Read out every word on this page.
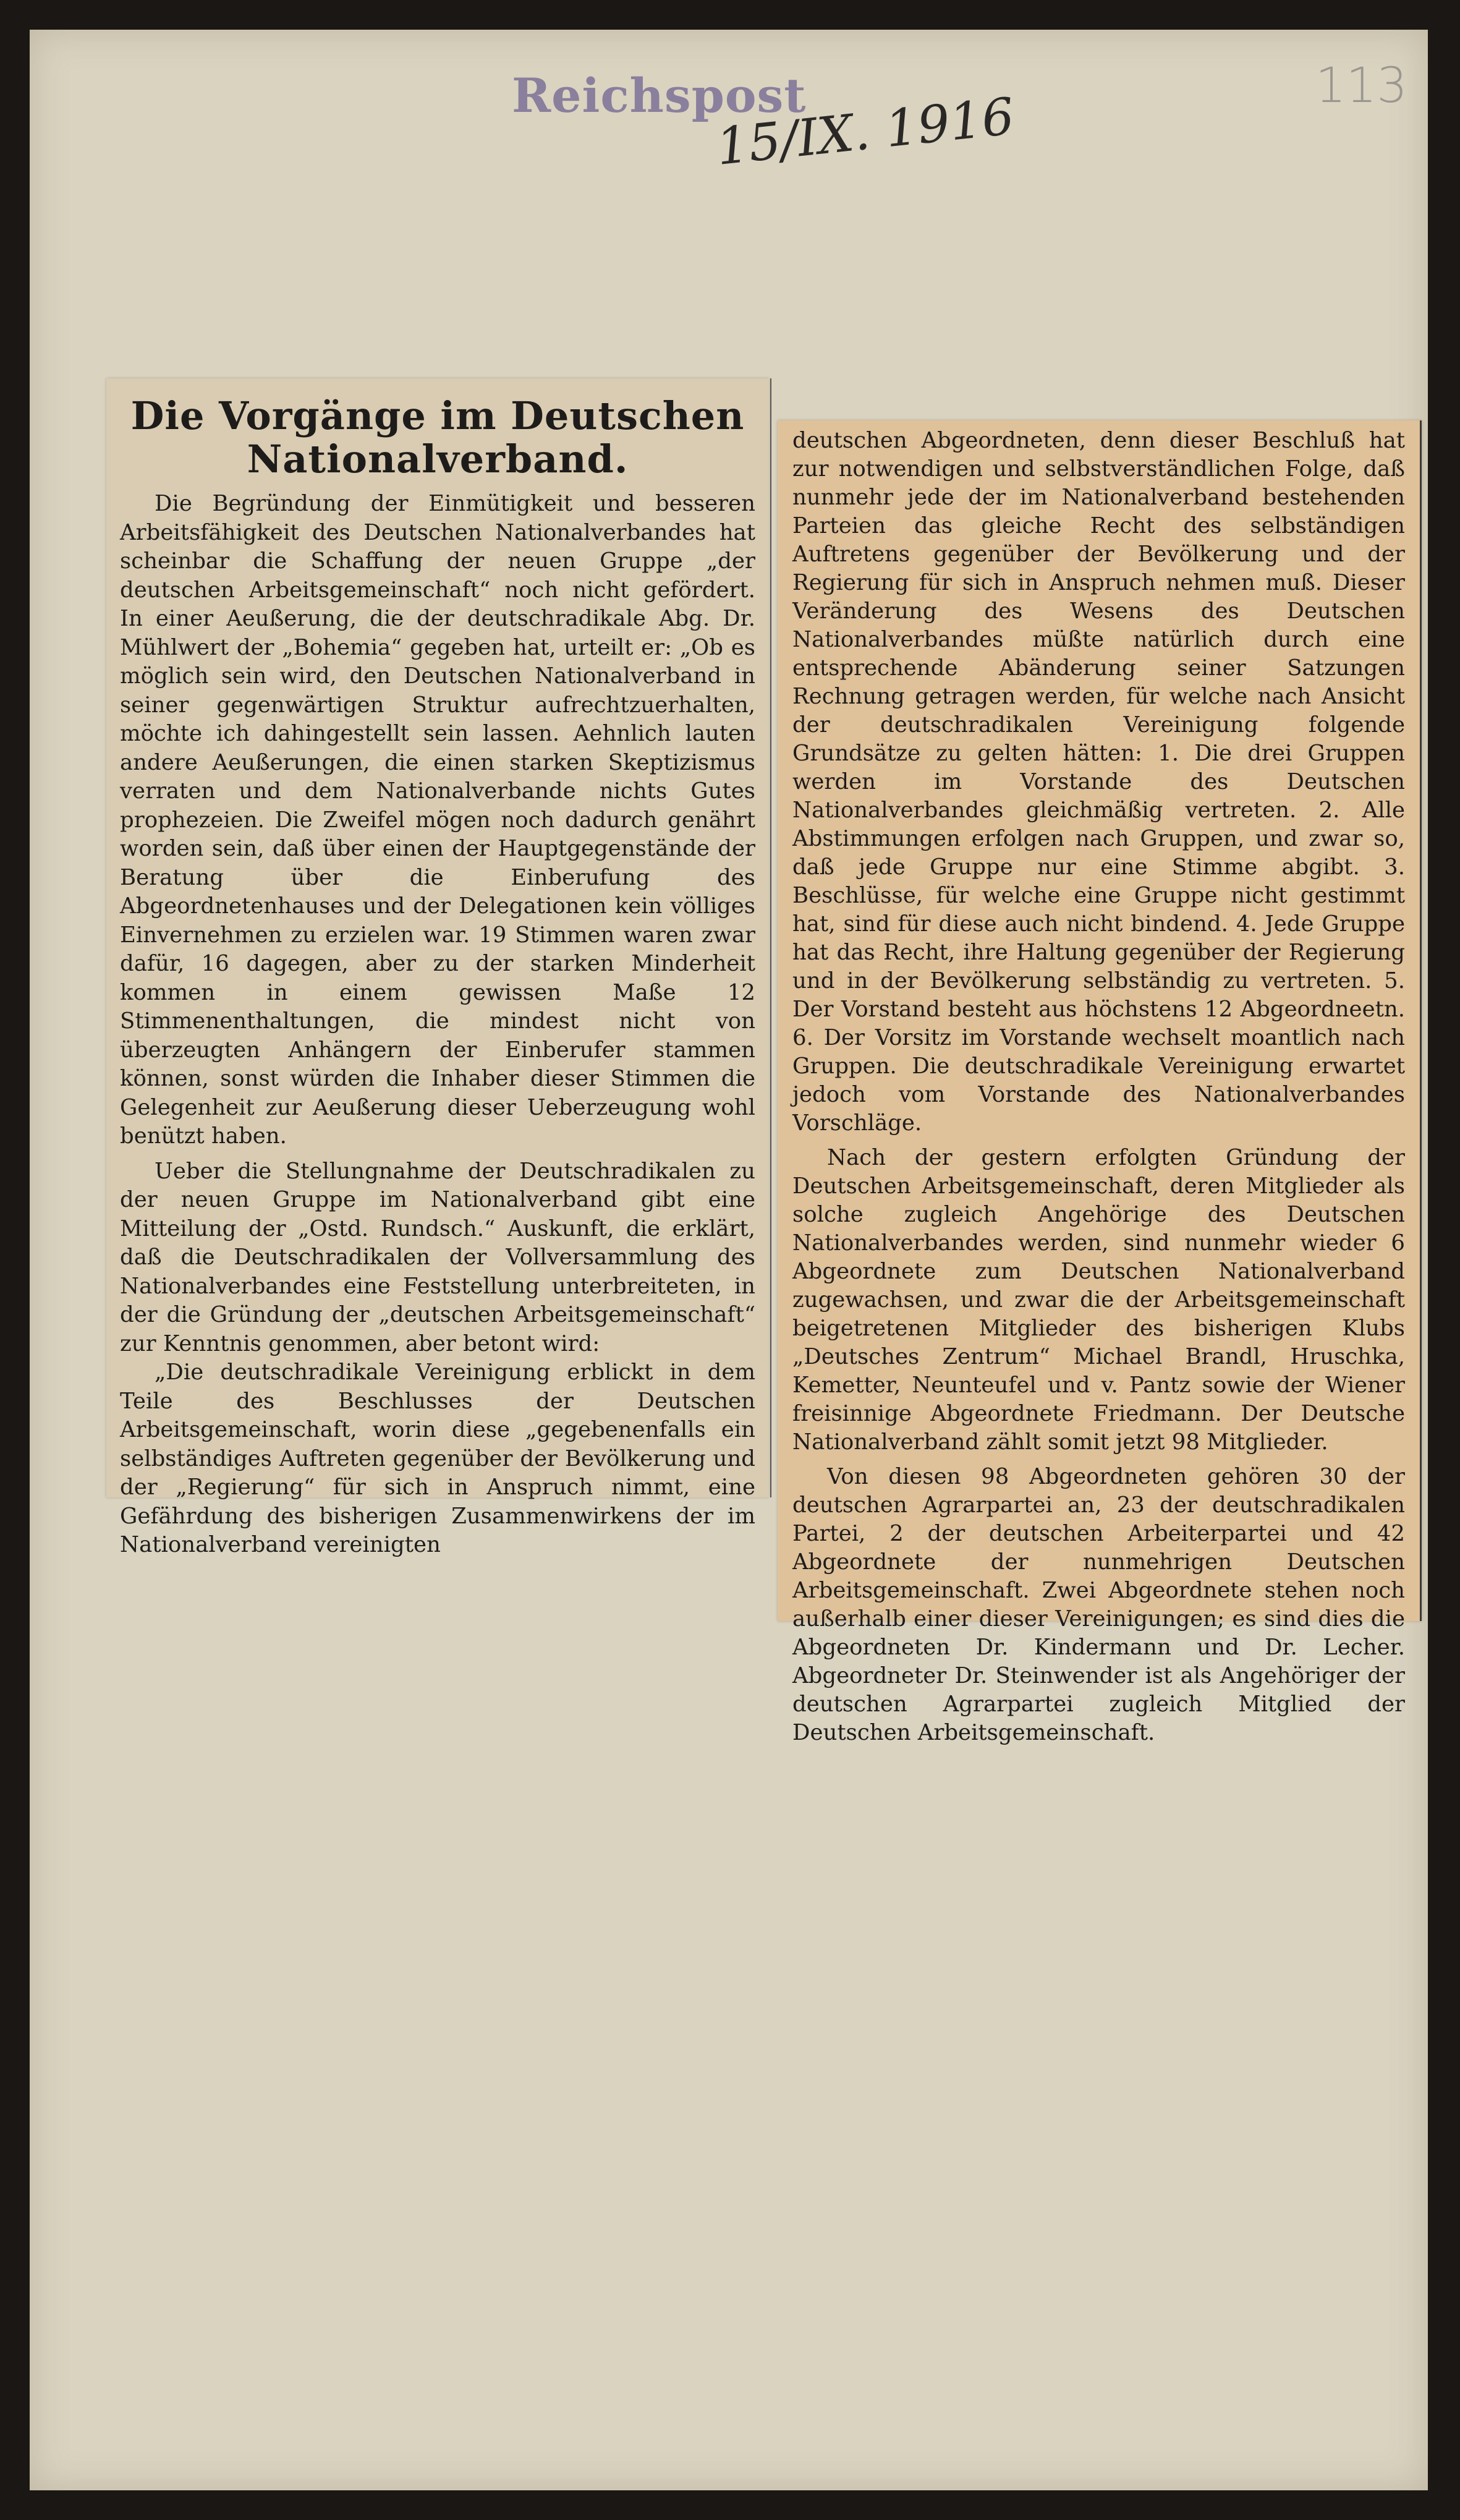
Reichspost
15/IX. 1916
113
Die Vorgänge im Deutschen Nationalverband.

Die Begründung der Einmütigkeit und besseren Arbeitsfähigkeit des Deutschen Nationalverbandes hat scheinbar die Schaffung der neuen Gruppe „der deutschen Arbeitsgemeinschaft“ noch nicht gefördert. In einer Aeußerung, die der deutschradikale Abg. Dr. Mühlwert der „Bohemia“ gegeben hat, urteilt er: „Ob es möglich sein wird, den Deutschen Nationalverband in seiner gegenwärtigen Struktur aufrechtzuerhalten, möchte ich dahingestellt sein lassen. Aehnlich lauten andere Aeußerungen, die einen starken Skeptizismus verraten und dem Nationalverbande nichts Gutes prophezeien. Die Zweifel mögen noch dadurch genährt worden sein, daß über einen der Hauptgegenstände der Beratung über die Einberufung des Abgeordnetenhauses und der Delegationen kein völliges Einvernehmen zu erzielen war. 19 Stimmen waren zwar dafür, 16 dagegen, aber zu der starken Minderheit kommen in einem gewissen Maße 12 Stimmenenthaltungen, die mindest nicht von überzeugten Anhängern der Einberufer stammen können, sonst würden die Inhaber dieser Stimmen die Gelegenheit zur Aeußerung dieser Ueberzeugung wohl benützt haben.

Ueber die Stellungnahme der Deutschradikalen zu der neuen Gruppe im Nationalverband gibt eine Mitteilung der „Ostd. Rundsch.“ Auskunft, die erklärt, daß die Deutschradikalen der Vollversammlung des Nationalverbandes eine Feststellung unterbreiteten, in der die Gründung der „deutschen Arbeitsgemeinschaft“ zur Kenntnis genommen, aber betont wird:

„Die deutschradikale Vereinigung erblickt in dem Teile des Beschlusses der Deutschen Arbeitsgemeinschaft, worin diese „gegebenenfalls ein selbständiges Auftreten gegenüber der Bevölkerung und der „Regierung“ für sich in Anspruch nimmt, eine Gefährdung des bisherigen Zusammenwirkens der im Nationalverband vereinigten

deutschen Abgeordneten, denn dieser Beschluß hat zur notwendigen und selbstverständlichen Folge, daß nunmehr jede der im Nationalverband bestehenden Parteien das gleiche Recht des selbständigen Auftretens gegenüber der Bevölkerung und der Regierung für sich in Anspruch nehmen muß. Dieser Veränderung des Wesens des Deutschen Nationalverbandes müßte natürlich durch eine entsprechende Abänderung seiner Satzungen Rechnung getragen werden, für welche nach Ansicht der deutschradikalen Vereinigung folgende Grundsätze zu gelten hätten: 1. Die drei Gruppen werden im Vorstande des Deutschen Nationalverbandes gleichmäßig vertreten. 2. Alle Abstimmungen erfolgen nach Gruppen, und zwar so, daß jede Gruppe nur eine Stimme abgibt. 3. Beschlüsse, für welche eine Gruppe nicht gestimmt hat, sind für diese auch nicht bindend. 4. Jede Gruppe hat das Recht, ihre Haltung gegenüber der Regierung und in der Bevölkerung selbständig zu vertreten. 5. Der Vorstand besteht aus höchstens 12 Abgeordneetn. 6. Der Vorsitz im Vorstande wechselt moantlich nach Gruppen. Die deutschradikale Vereinigung erwartet jedoch vom Vorstande des Nationalverbandes Vorschläge.

Nach der gestern erfolgten Gründung der Deutschen Arbeitsgemeinschaft, deren Mitglieder als solche zugleich Angehörige des Deutschen Nationalverbandes werden, sind nunmehr wieder 6 Abgeordnete zum Deutschen Nationalverband zugewachsen, und zwar die der Arbeitsgemeinschaft beigetretenen Mitglieder des bisherigen Klubs „Deutsches Zentrum“ Michael Brandl, Hruschka, Kemetter, Neunteufel und v. Pantz sowie der Wiener freisinnige Abgeordnete Friedmann. Der Deutsche Nationalverband zählt somit jetzt 98 Mitglieder.

Von diesen 98 Abgeordneten gehören 30 der deutschen Agrarpartei an, 23 der deutschradikalen Partei, 2 der deutschen Arbeiterpartei und 42 Abgeordnete der nunmehrigen Deutschen Arbeitsgemeinschaft. Zwei Abgeordnete stehen noch außerhalb einer dieser Vereinigungen; es sind dies die Abgeordneten Dr. Kindermann und Dr. Lecher. Abgeordneter Dr. Steinwender ist als Angehöriger der deutschen Agrarpartei zugleich Mitglied der Deutschen Arbeitsgemeinschaft.
